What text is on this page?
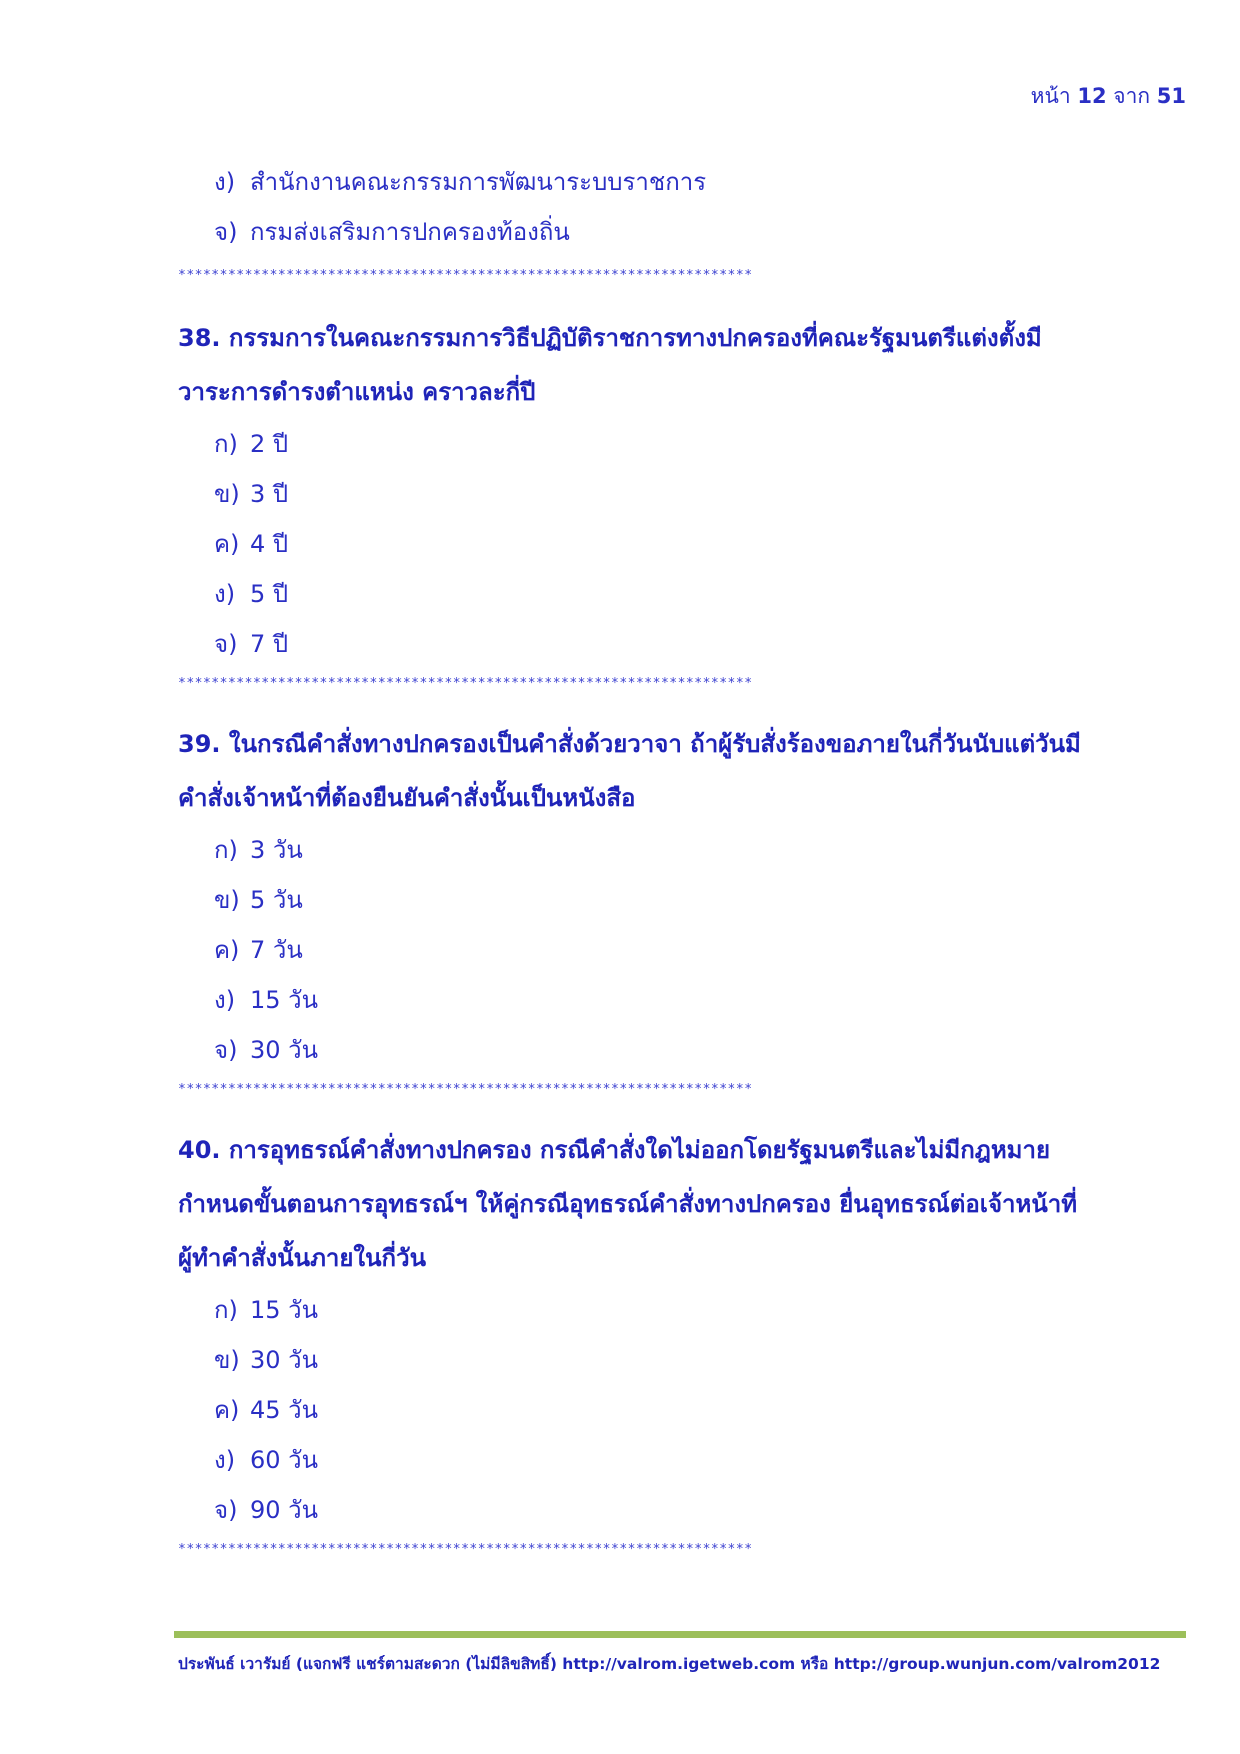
หน้า 12 จาก 51
ง) สำนักงานคณะกรรมการพัฒนาระบบราชการ
จ) กรมส่งเสริมการปกครองท้องถิ่น
*********************************************************************
38. กรรมการในคณะกรรมการวิธีปฏิบัติราชการทางปกครองที่คณะรัฐมนตรีแต่งตั้งมี
วาระการดำรงตำแหน่ง คราวละกี่ปี
ก) 2 ปี
ข) 3 ปี
ค) 4 ปี
ง) 5 ปี
จ) 7 ปี
*********************************************************************
39. ในกรณีคำสั่งทางปกครองเป็นคำสั่งด้วยวาจา ถ้าผู้รับสั่งร้องขอภายในกี่วันนับแต่วันมี
คำสั่งเจ้าหน้าที่ต้องยืนยันคำสั่งนั้นเป็นหนังสือ
ก) 3 วัน
ข) 5 วัน
ค) 7 วัน
ง) 15 วัน
จ) 30 วัน
*********************************************************************
40. การอุทธรณ์คำสั่งทางปกครอง กรณีคำสั่งใดไม่ออกโดยรัฐมนตรีและไม่มีกฎหมาย
กำหนดขั้นตอนการอุทธรณ์ฯ ให้คู่กรณีอุทธรณ์คำสั่งทางปกครอง ยื่นอุทธรณ์ต่อเจ้าหน้าที่
ผู้ทำคำสั่งนั้นภายในกี่วัน
ก) 15 วัน
ข) 30 วัน
ค) 45 วัน
ง) 60 วัน
จ) 90 วัน
*********************************************************************
ประพันธ์ เวารัมย์ (แจกฟรี แชร์ตามสะดวก (ไม่มีลิขสิทธิ์) http://valrom.igetweb.com หรือ http://group.wunjun.com/valrom2012
